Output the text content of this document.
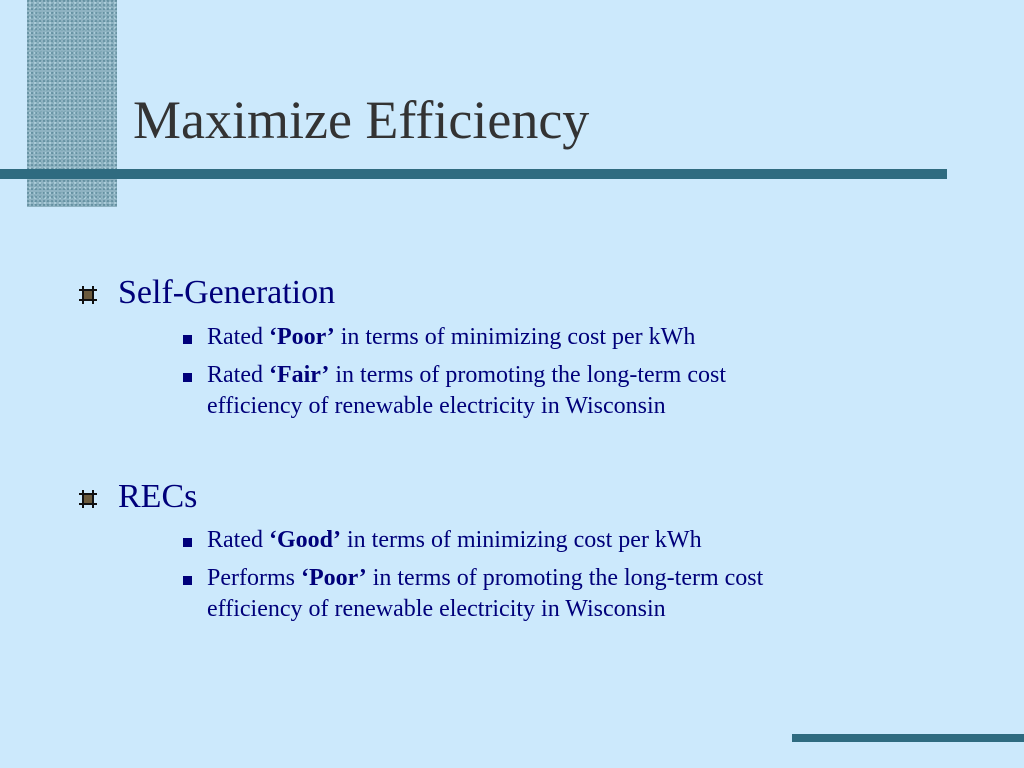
Maximize Efficiency
Self-Generation
Rated ‘Poor’ in terms of minimizing cost per kWh
Rated ‘Fair’ in terms of promoting the long-term cost
efficiency of renewable electricity in Wisconsin
RECs
Rated ‘Good’ in terms of minimizing cost per kWh
Performs ‘Poor’ in terms of promoting the long-term cost
efficiency of renewable electricity in Wisconsin
